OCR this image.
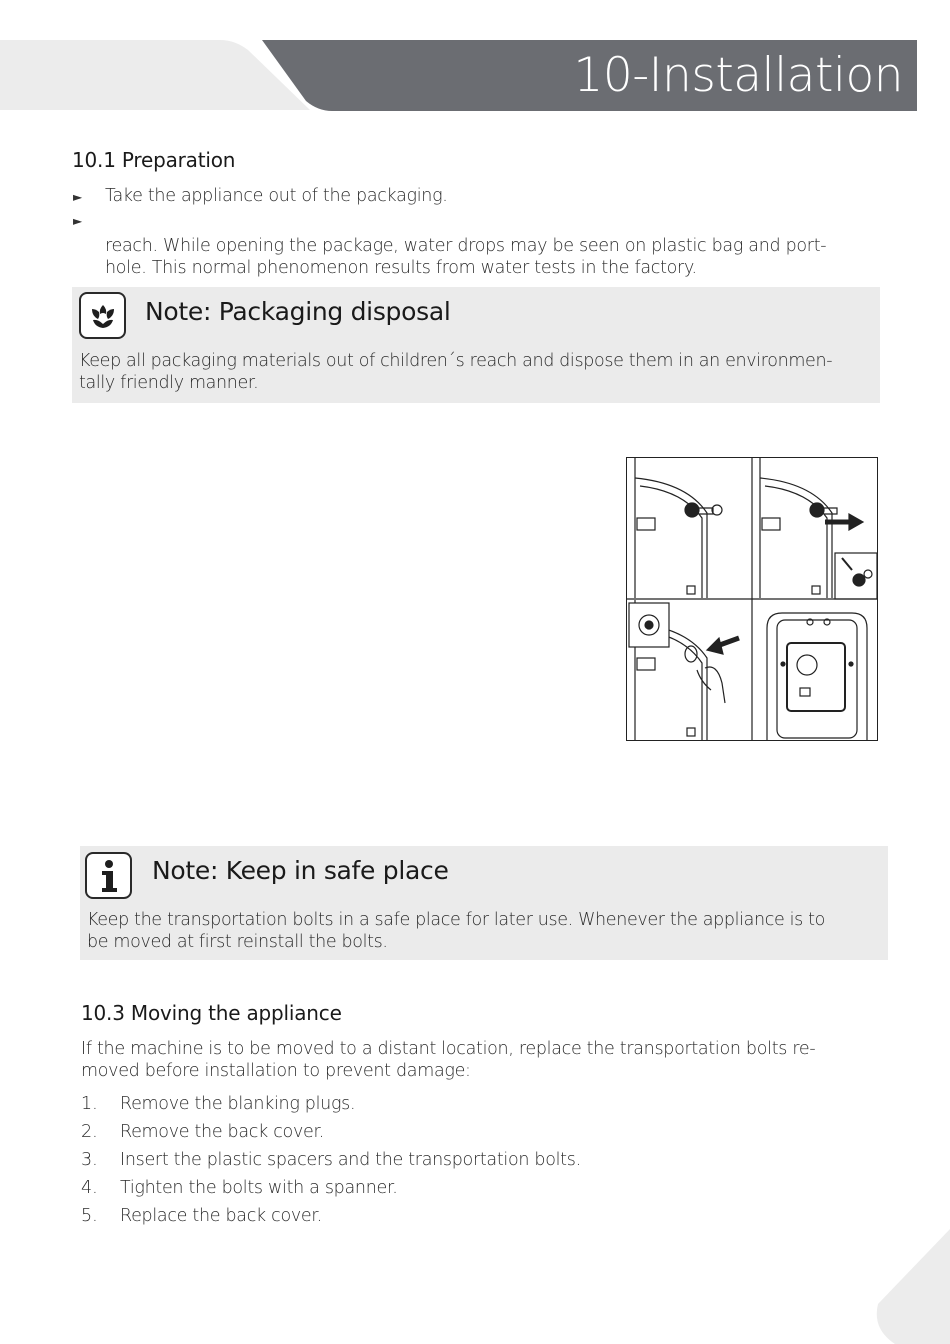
10-Installation
10.1 Preparation
► Take the appliance out of the packaging.
►
reach. While opening the package, water drops may be seen on plastic bag and port-
hole. This normal phenomenon results from water tests in the factory.
Note: Packaging disposal
Keep all packaging materials out of children´s reach and dispose them in an environmen-
tally friendly manner.
Note: Keep in safe place
Keep the transportation bolts in a safe place for later use. Whenever the appliance is to
be moved at first reinstall the bolts.
10.3 Moving the appliance
If the machine is to be moved to a distant location, replace the transportation bolts re-
moved before installation to prevent damage:
1. Remove the blanking plugs.
2. Remove the back cover.
3. Insert the plastic spacers and the transportation bolts.
4. Tighten the bolts with a spanner.
5. Replace the back cover.
